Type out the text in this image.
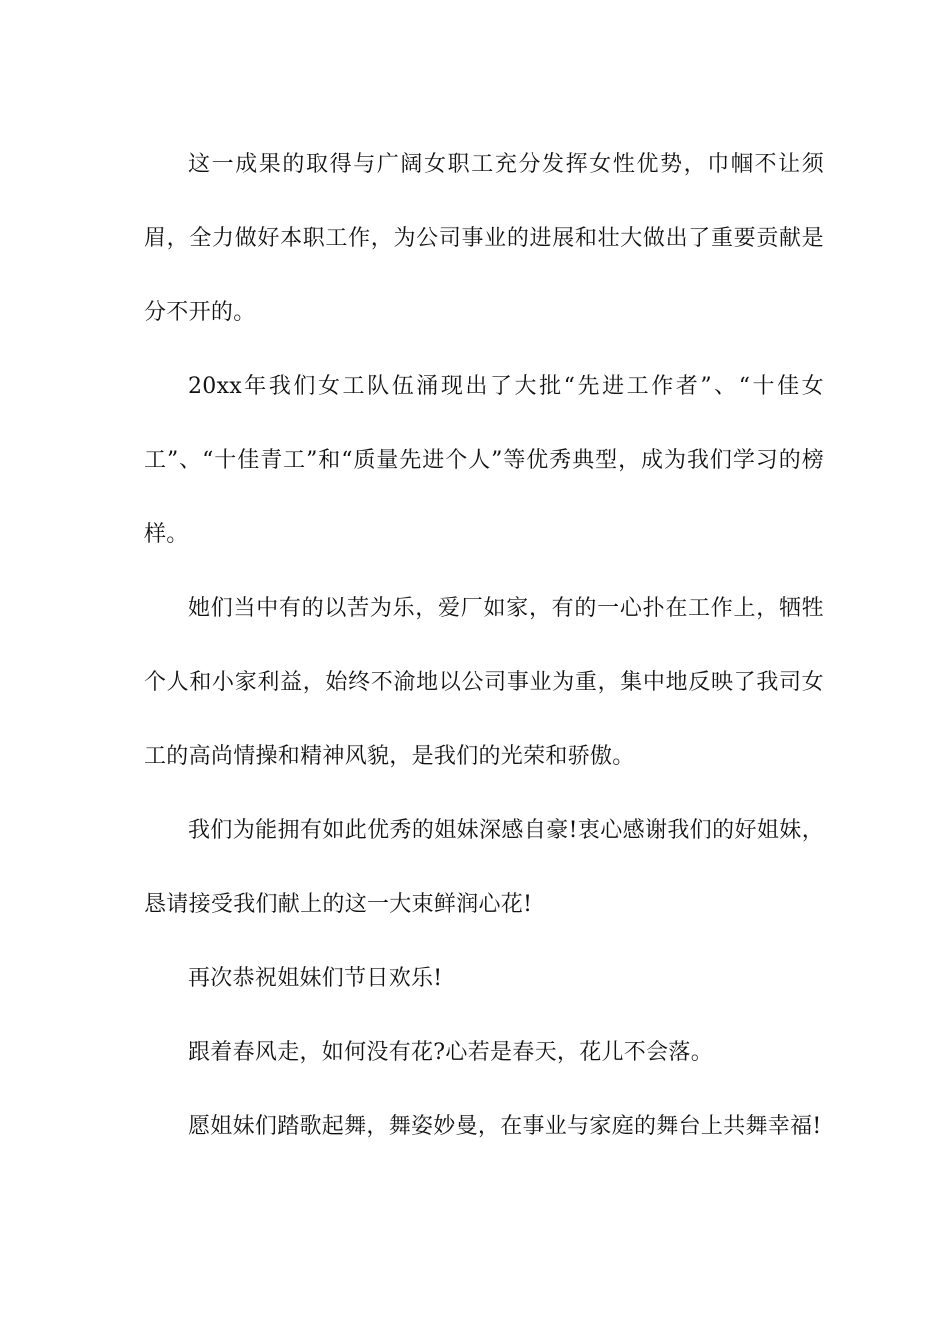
这一成果的取得与广阔女职工充分发挥女性优势，巾帼不让须眉，全力做好本职工作，为公司事业的进展和壮大做出了重要贡献是分不开的。

20xx年我们女工队伍涌现出了大批“先进工作者”、“十佳女工”、“十佳青工”和“质量先进个人”等优秀典型，成为我们学习的榜样。

她们当中有的以苦为乐，爱厂如家，有的一心扑在工作上，牺牲个人和小家利益，始终不渝地以公司事业为重，集中地反映了我司女工的高尚情操和精神风貌，是我们的光荣和骄傲。

我们为能拥有如此优秀的姐妹深感自豪!衷心感谢我们的好姐妹，恳请接受我们献上的这一大束鲜润心花!

再次恭祝姐妹们节日欢乐!

跟着春风走，如何没有花?心若是春天，花儿不会落。

愿姐妹们踏歌起舞，舞姿妙曼，在事业与家庭的舞台上共舞幸福!
